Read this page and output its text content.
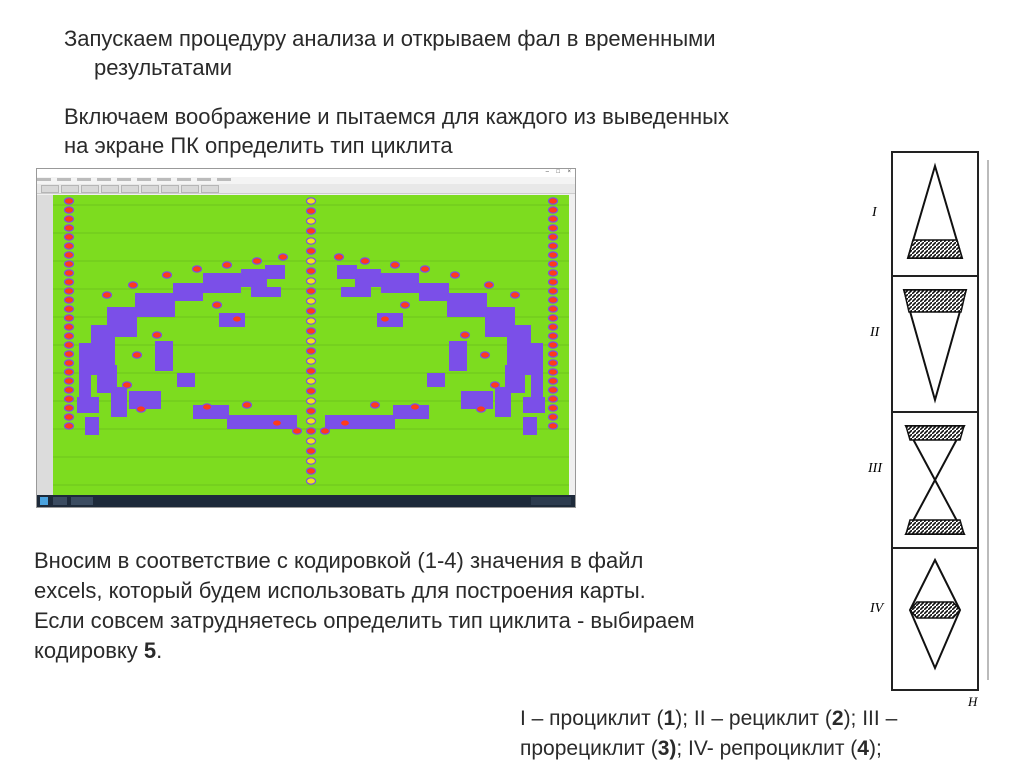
Запускаем процедуру анализа и открываем фал в временными

результатами
Включаем воображение и пытаемся для каждого из выведенных
на экране ПК определить тип циклита
– □ ×
I
II
III
IV
H
Вносим в соответствие с кодировкой (1-4) значения в файл
excels, который будем использовать для построения карты.
Если совсем затрудняетесь определить тип циклита - выбираем
кодировку 5.
I – проциклит (1); II – рециклит (2); III –
прорециклит (3); IV- репроциклит (4);
